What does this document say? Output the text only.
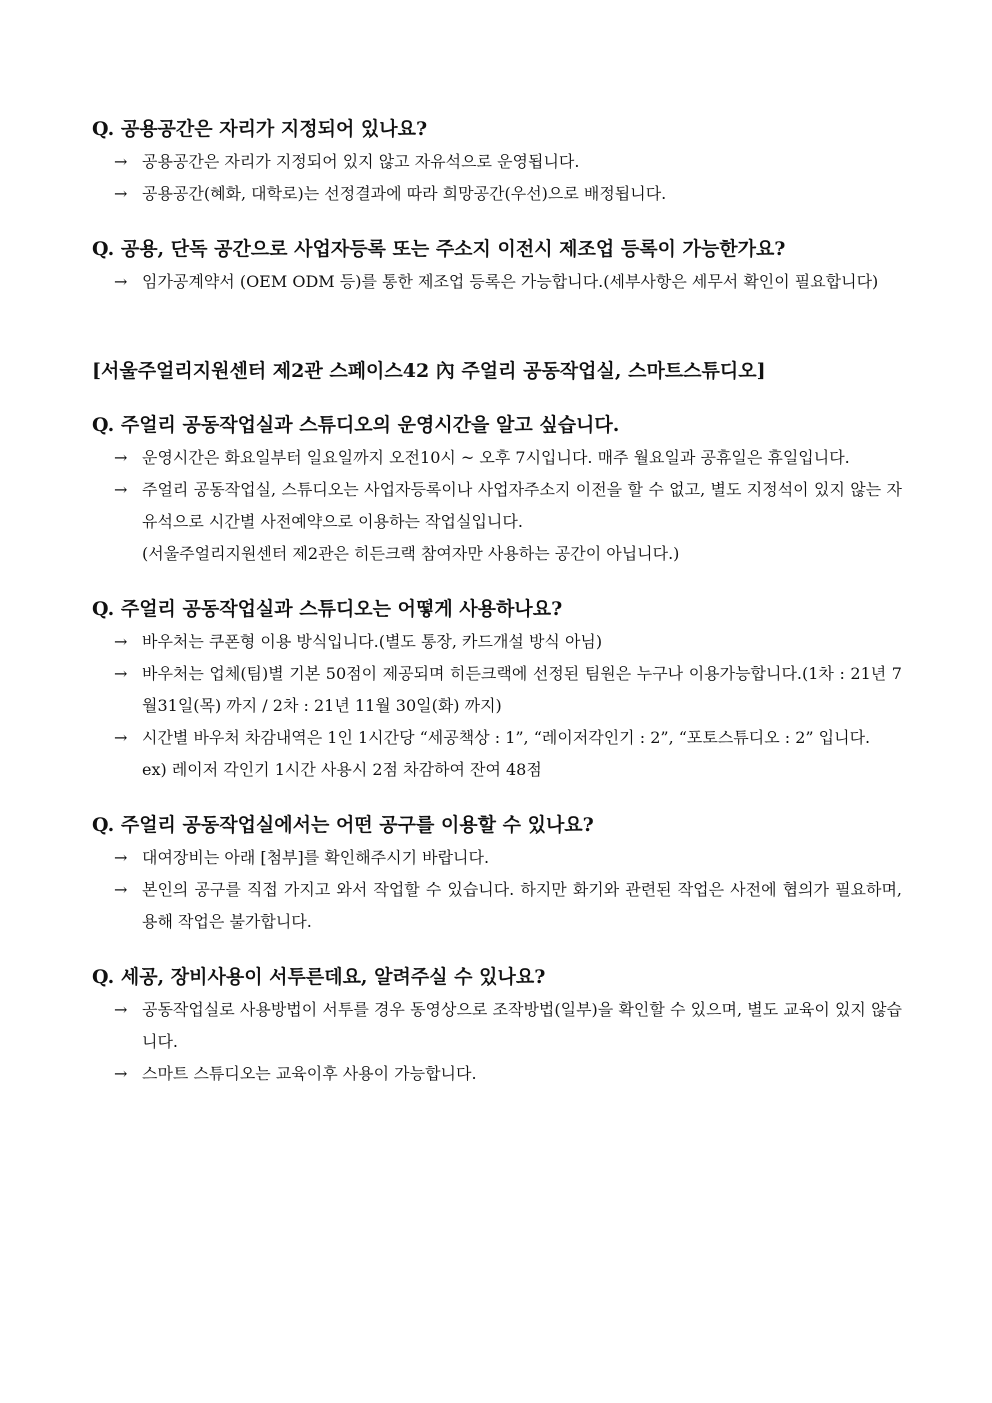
Q. 공용공간은 자리가 지정되어 있나요?

→ 공용공간은 자리가 지정되어 있지 않고 자유석으로 운영됩니다.

→ 공용공간(혜화, 대학로)는 선정결과에 따라 희망공간(우선)으로 배정됩니다.

Q. 공용, 단독 공간으로 사업자등록 또는 주소지 이전시 제조업 등록이 가능한가요?

→ 임가공계약서 (OEM ODM 등)를 통한 제조업 등록은 가능합니다.(세부사항은 세무서 확인이 필요합니다)

[서울주얼리지원센터 제2관 스페이스42 內 주얼리 공동작업실, 스마트스튜디오]

Q. 주얼리 공동작업실과 스튜디오의 운영시간을 알고 싶습니다.

→ 운영시간은 화요일부터 일요일까지 오전10시 ~ 오후 7시입니다. 매주 월요일과 공휴일은 휴일입니다.

→ 주얼리 공동작업실, 스튜디오는 사업자등록이나 사업자주소지 이전을 할 수 없고, 별도 지정석이 있지 않는 자유석으로 시간별 사전예약으로 이용하는 작업실입니다.

(서울주얼리지원센터 제2관은 히든크랙 참여자만 사용하는 공간이 아닙니다.)

Q. 주얼리 공동작업실과 스튜디오는 어떻게 사용하나요?

→ 바우처는 쿠폰형 이용 방식입니다.(별도 통장, 카드개설 방식 아님)

→ 바우처는 업체(팀)별 기본 50점이 제공되며 히든크랙에 선정된 팀원은 누구나 이용가능합니다.(1차 : 21년 7월31일(목) 까지 / 2차 : 21년 11월 30일(화) 까지)

→ 시간별 바우처 차감내역은 1인 1시간당 “세공책상 : 1”, “레이저각인기 : 2”, “포토스튜디오 : 2” 입니다.

ex) 레이저 각인기 1시간 사용시 2점 차감하여 잔여 48점

Q. 주얼리 공동작업실에서는 어떤 공구를 이용할 수 있나요?

→ 대여장비는 아래 [첨부]를 확인해주시기 바랍니다.

→ 본인의 공구를 직접 가지고 와서 작업할 수 있습니다. 하지만 화기와 관련된 작업은 사전에 협의가 필요하며, 용해 작업은 불가합니다.

Q. 세공, 장비사용이 서투른데요, 알려주실 수 있나요?

→ 공동작업실로 사용방법이 서투를 경우 동영상으로 조작방법(일부)을 확인할 수 있으며, 별도 교육이 있지 않습니다.

→ 스마트 스튜디오는 교육이후 사용이 가능합니다.
